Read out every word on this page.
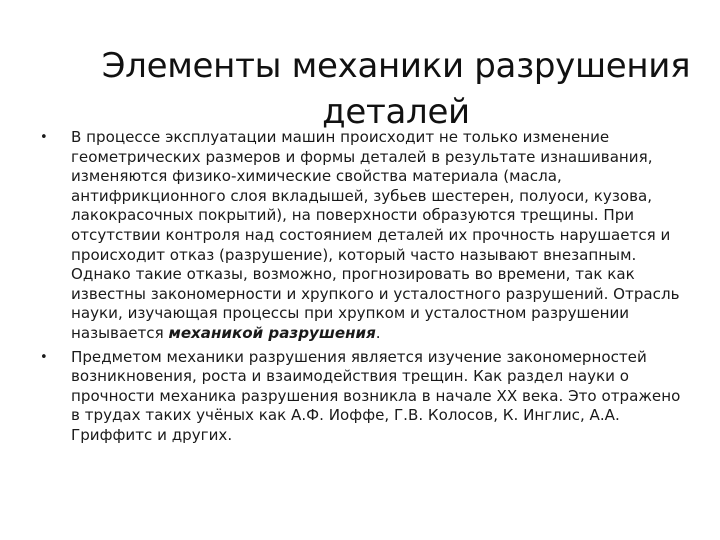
Элементы механики разрушения
деталей
• В процессе эксплуатации машин происходит не только изменение геометрических размеров и формы деталей в результате изнашивания, изменяются физико-химические свойства материала (масла, антифрикционного слоя вкладышей, зубьев шестерен, полуоси, кузова, лакокрасочных покрытий), на поверхности образуются трещины. При отсутствии контроля над состоянием деталей их прочность нарушается и происходит отказ (разрушение), который часто называют внезапным. Однако такие отказы, возможно, прогнозировать во времени, так как известны закономерности и хрупкого и усталостного разрушений. Отрасль науки, изучающая процессы при хрупком и усталостном разрушении называется механикой разрушения.
• Предметом механики разрушения является изучение закономерностей возникновения, роста и взаимодействия трещин. Как раздел науки о прочности механика разрушения возникла в начале XX века. Это отражено в трудах таких учёных как А.Ф. Иоффе, Г.В. Колосов, К. Инглис, А.А. Гриффитс и других.
